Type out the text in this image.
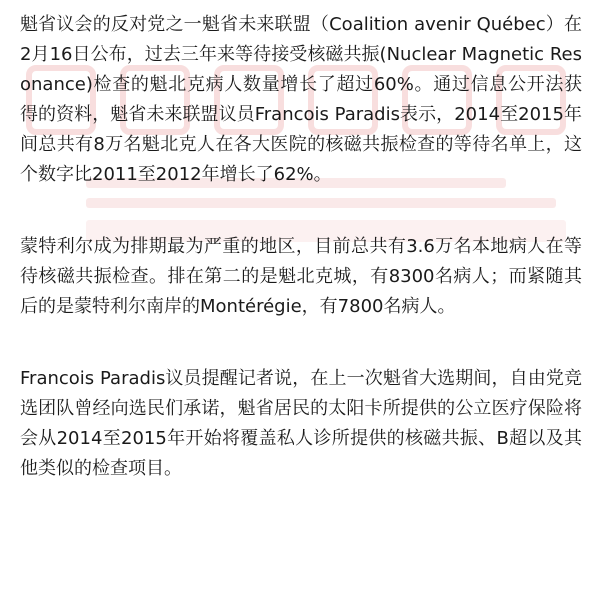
魁省议会的反对党之一魁省未来联盟（Coalition avenir Québec）在2月16日公布，过去三年来等待接受核磁共振(Nuclear Magnetic Resonance)检查的魁北克病人数量增长了超过60%。通过信息公开法获得的资料，魁省未来联盟议员Francois Paradis表示，2014至2015年间总共有8万名魁北克人在各大医院的核磁共振检查的等待名单上，这个数字比2011至2012年增长了62%。

蒙特利尔成为排期最为严重的地区，目前总共有3.6万名本地病人在等待核磁共振检查。排在第二的是魁北克城，有8300名病人；而紧随其后的是蒙特利尔南岸的Montérégie，有7800名病人。

Francois Paradis议员提醒记者说，在上一次魁省大选期间，自由党竞选团队曾经向选民们承诺，魁省居民的太阳卡所提供的公立医疗保险将会从2014至2015年开始将覆盖私人诊所提供的核磁共振、B超以及其他类似的检查项目。
